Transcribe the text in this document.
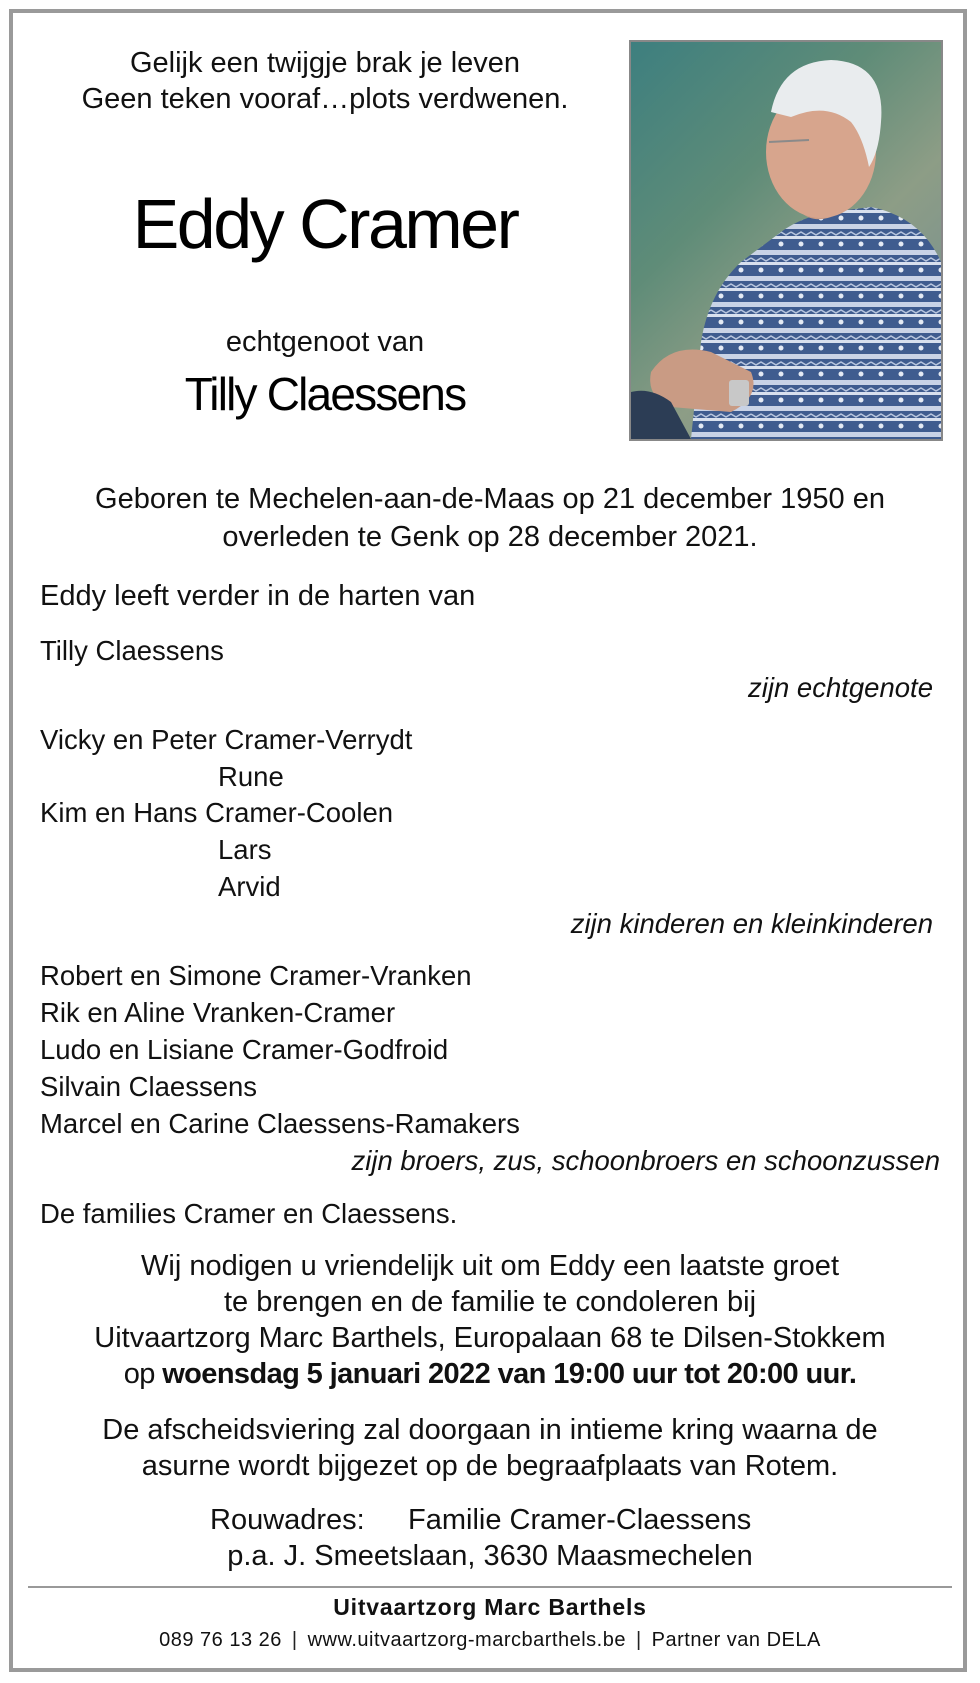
Gelijk een twijgje brak je leven
Geen teken vooraf…plots verdwenen.
Eddy Cramer
echtgenoot van
Tilly Claessens
Geboren te Mechelen-aan-de-Maas op 21 december 1950 en
overleden te Genk op 28 december 2021.
Eddy leeft verder in de harten van
Tilly Claessens
zijn echtgenote
Vicky en Peter Cramer-Verrydt
Rune
Kim en Hans Cramer-Coolen
Lars
Arvid
zijn kinderen en kleinkinderen
Robert en Simone Cramer-Vranken
Rik en Aline Vranken-Cramer
Ludo en Lisiane Cramer-Godfroid
Silvain Claessens
Marcel en Carine Claessens-Ramakers
zijn broers, zus, schoonbroers en schoonzussen
De families Cramer en Claessens.
Wij nodigen u vriendelijk uit om Eddy een laatste groet
te brengen en de familie te condoleren bij
Uitvaartzorg Marc Barthels, Europalaan 68 te Dilsen-Stokkem
op woensdag 5 januari 2022 van 19:00 uur tot 20:00 uur.
De afscheidsviering zal doorgaan in intieme kring waarna de
asurne wordt bijgezet op de begraafplaats van Rotem.
Rouwadres: Familie Cramer-Claessens
p.a. J. Smeetslaan, 3630 Maasmechelen
Uitvaartzorg Marc Barthels
089 76 13 26 | www.uitvaartzorg-marcbarthels.be | Partner van DELA
